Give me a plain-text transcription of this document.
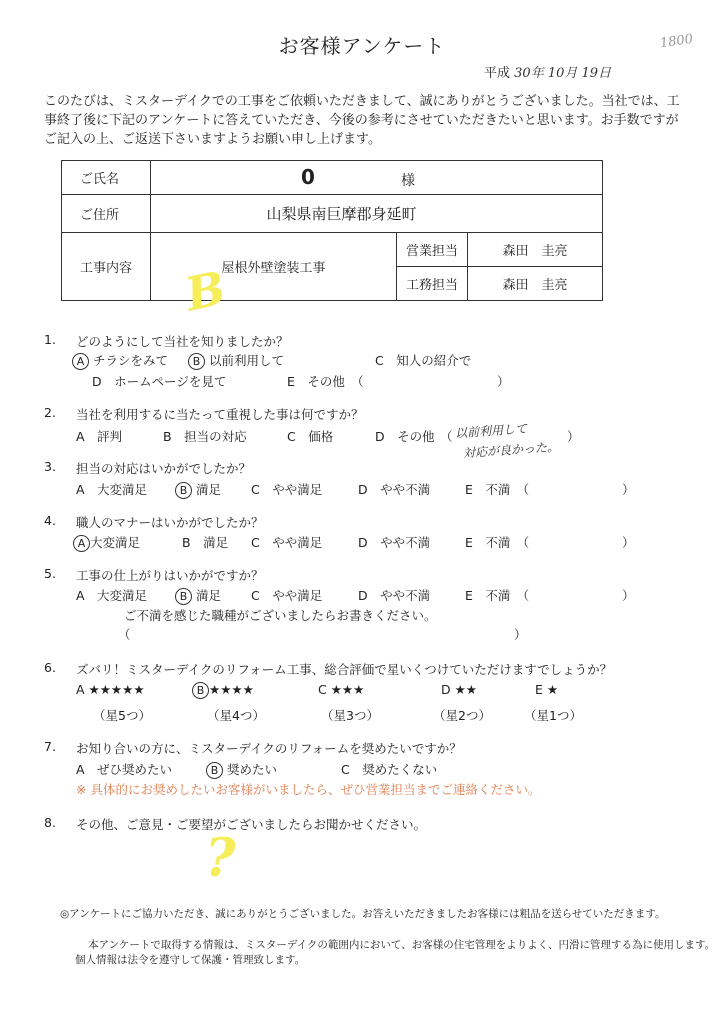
お客様アンケート	1800
平成 30年 10月 19日
このたびは、ミスターデイクでの工事をご依頼いただきまして、誠にありがとうございました。当社では、工事終了後に下記のアンケートに答えていただき、今後の参考にさせていただきたいと思います。お手数ですがご記入の上、ご返送下さいますようお願い申し上げます。
ご氏名	0 様		

ご住所	山梨県南巨摩郡身延町		
工事内容	屋根外壁塗装工事	営業担当	森田　圭亮
		工務担当	森田　圭亮
B
1. どのようにして当社を知りましたか？
A チラシをみて	B 以前利用して	C　知人の紹介で
D　ホームページを見て	E　その他　（	）
2. 当社を利用するに当たって重視した事は何ですか？
A　評判	B　担当の対応	C　価格	D　その他 （	）
以前利用して
対応が良かった。
3. 担当の対応はいかがでしたか？
A　大変満足	B 満足 C　やや満足	D　やや不満	E　不満　（	）
4. 職人のマナーはいかがでしたか？
A 大変満足	B　満足 C　やや満足	D　やや不満	E　不満　（	）
5. 工事の仕上がりはいかがですか？
A　大変満足	B 満足 C　やや満足	D　やや不満	E　不満　（	）
ご不満を感じた職種がございましたらお書きください。
（	）
6. ズバリ！ミスターデイクのリフォーム工事、総合評価で星いくつけていただけますでしょうか？
A ★★★★★	B ★★★★	C ★★★	D ★★	E ★
（星5つ）	（星4つ）	（星3つ）	（星2つ）	（星1つ）
7. お知り合いの方に、ミスターデイクのリフォームを奨めたいですか？
A　ぜひ奨めたい	B 奨めたい	C　奨めたくない
※ 具体的にお奨めしたいお客様がいましたら、ぜひ営業担当までご連絡ください。
8. その他、ご意見・ご要望がございましたらお聞かせください。
?
◎アンケートにご協力いただき、誠にありがとうございました。お答えいただきましたお客様には粗品を送らせていただきます。
本アンケートで取得する情報は、ミスターデイクの範囲内において、お客様の住宅管理をよりよく、円滑に管理する為に使用します。
個人情報は法令を遵守して保護・管理致します。
